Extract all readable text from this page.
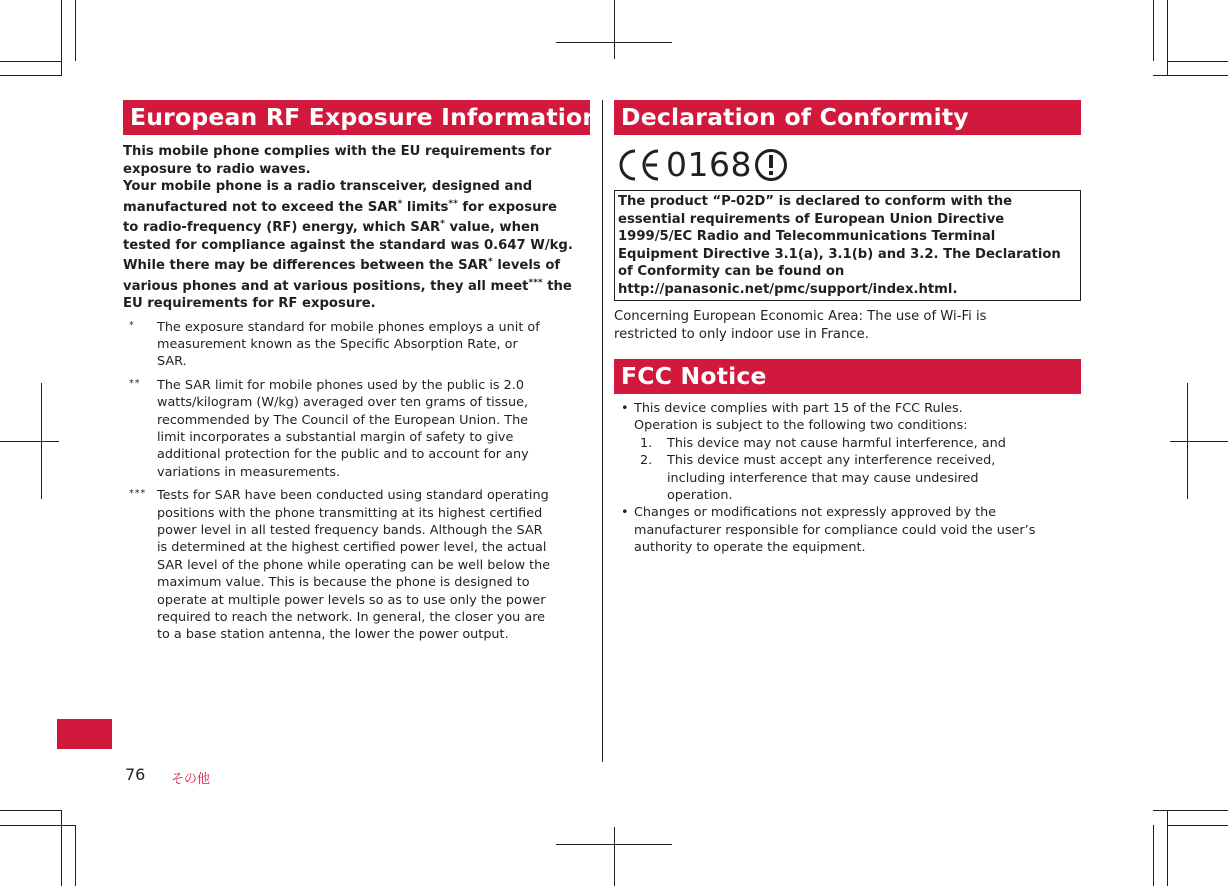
European RF Exposure Information
This mobile phone complies with the EU requirements for
exposure to radio waves.
Your mobile phone is a radio transceiver, designed and
manufactured not to exceed the SAR* limits** for exposure
to radio-frequency (RF) energy, which SAR* value, when
tested for compliance against the standard was 0.647 W/kg.
While there may be differences between the SAR* levels of
various phones and at various positions, they all meet*** the
EU requirements for RF exposure.
* The exposure standard for mobile phones employs a unit of
measurement known as the Specific Absorption Rate, or
SAR.
** The SAR limit for mobile phones used by the public is 2.0
watts/kilogram (W/kg) averaged over ten grams of tissue,
recommended by The Council of the European Union. The
limit incorporates a substantial margin of safety to give
additional protection for the public and to account for any
variations in measurements.
*** Tests for SAR have been conducted using standard operating
positions with the phone transmitting at its highest certified
power level in all tested frequency bands. Although the SAR
is determined at the highest certified power level, the actual
SAR level of the phone while operating can be well below the
maximum value. This is because the phone is designed to
operate at multiple power levels so as to use only the power
required to reach the network. In general, the closer you are
to a base station antenna, the lower the power output.
Declaration of Conformity
0168
The product “P-02D” is declared to conform with the
essential requirements of European Union Directive
1999/5/EC Radio and Telecommunications Terminal
Equipment Directive 3.1(a), 3.1(b) and 3.2. The Declaration
of Conformity can be found on
http://panasonic.net/pmc/support/index.html.
Concerning European Economic Area: The use of Wi-Fi is
restricted to only indoor use in France.
FCC Notice
• This device complies with part 15 of the FCC Rules.
Operation is subject to the following two conditions:
1. This device may not cause harmful interference, and
2. This device must accept any interference received,
including interference that may cause undesired
operation.
• Changes or modifications not expressly approved by the
manufacturer responsible for compliance could void the user’s
authority to operate the equipment.
76 その他
